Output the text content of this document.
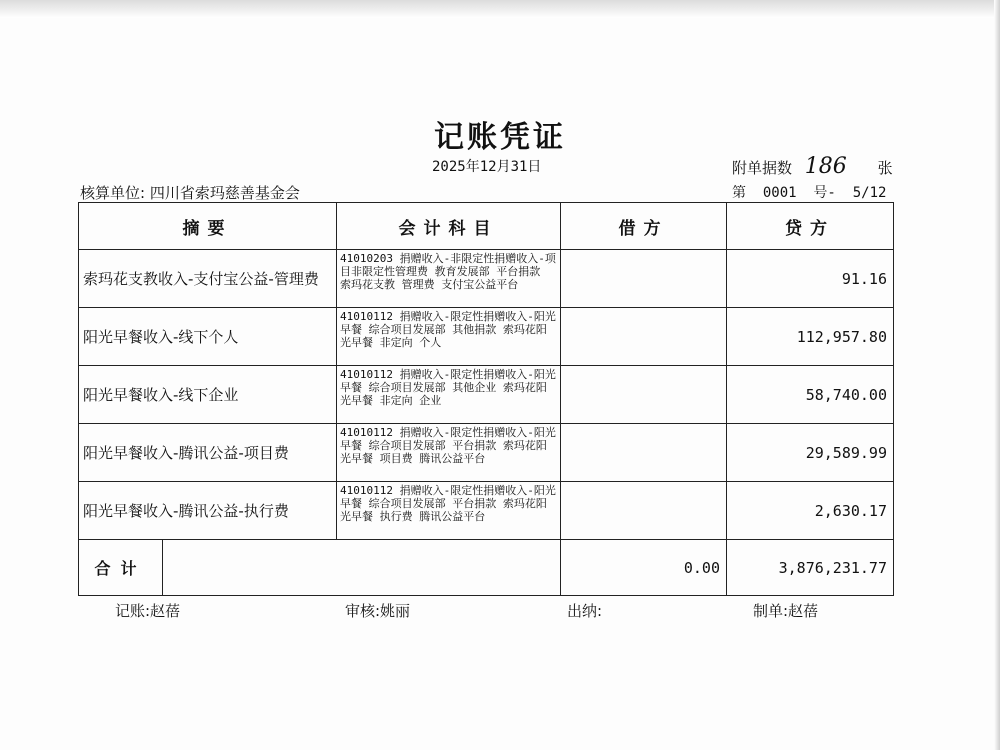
记账凭证
2025年12月31日	附单据数 186 张
核算单位: 四川省索玛慈善基金会	第  0001  号-  5/12
摘要		会计科目	借方	贷方
索玛花支教收入-支付宝公益-管理费		41010203 捐赠收入-非限定性捐赠收入-项目非限定性管理费 教育发展部 平台捐款 索玛花支教 管理费 支付宝公益平台		91.16
阳光早餐收入-线下个人		41010112 捐赠收入-限定性捐赠收入-阳光早餐 综合项目发展部 其他捐款 索玛花阳光早餐 非定向 个人		112,957.80
阳光早餐收入-线下企业		41010112 捐赠收入-限定性捐赠收入-阳光早餐 综合项目发展部 其他企业 索玛花阳光早餐 非定向 企业		58,740.00
阳光早餐收入-腾讯公益-项目费		41010112 捐赠收入-限定性捐赠收入-阳光早餐 综合项目发展部 平台捐款 索玛花阳光早餐 项目费 腾讯公益平台		29,589.99
阳光早餐收入-腾讯公益-执行费		41010112 捐赠收入-限定性捐赠收入-阳光早餐 综合项目发展部 平台捐款 索玛花阳光早餐 执行费 腾讯公益平台		2,630.17
合计			0.00	3,876,231.77
记账:赵蓓	审核:姚丽	出纳:	制单:赵蓓
